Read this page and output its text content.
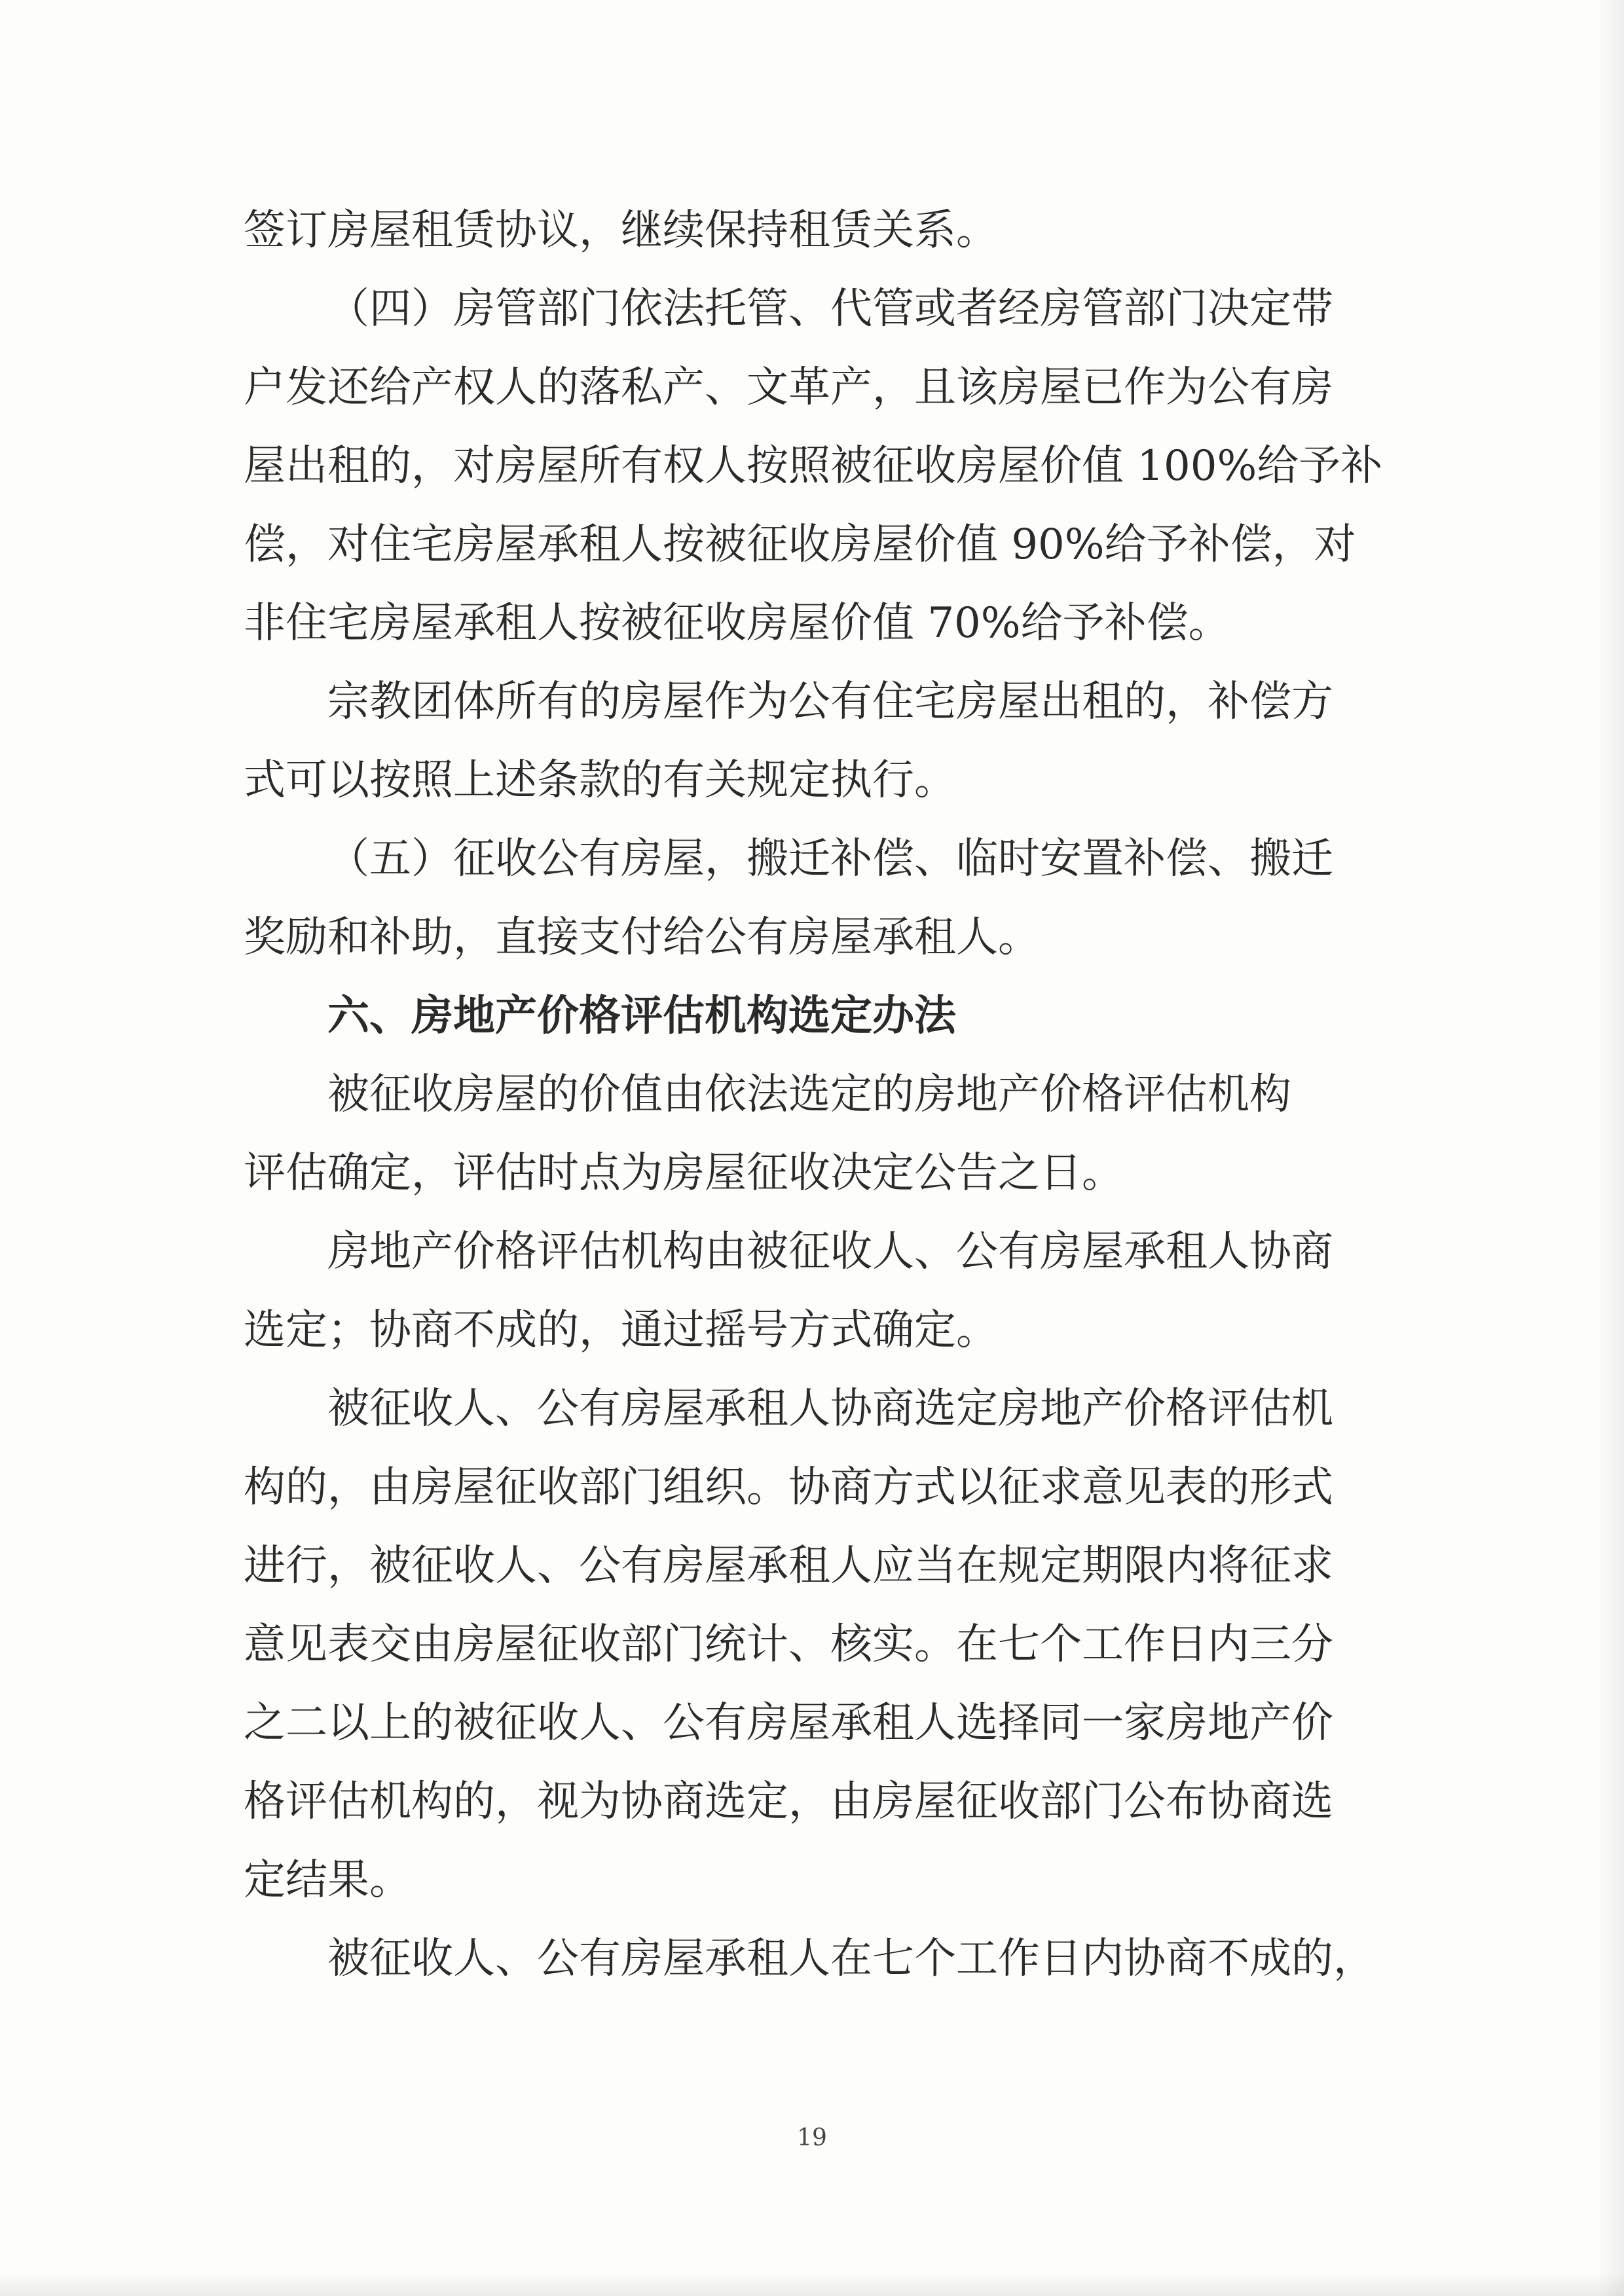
签订房屋租赁协议，继续保持租赁关系。
（四）房管部门依法托管、代管或者经房管部门决定带
户发还给产权人的落私产、文革产，且该房屋已作为公有房
屋出租的，对房屋所有权人按照被征收房屋价值 100%给予补
偿，对住宅房屋承租人按被征收房屋价值 90%给予补偿，对
非住宅房屋承租人按被征收房屋价值 70%给予补偿。
宗教团体所有的房屋作为公有住宅房屋出租的，补偿方
式可以按照上述条款的有关规定执行。
（五）征收公有房屋，搬迁补偿、临时安置补偿、搬迁
奖励和补助，直接支付给公有房屋承租人。
六、房地产价格评估机构选定办法
被征收房屋的价值由依法选定的房地产价格评估机构
评估确定，评估时点为房屋征收决定公告之日。
房地产价格评估机构由被征收人、公有房屋承租人协商
选定；协商不成的，通过摇号方式确定。
被征收人、公有房屋承租人协商选定房地产价格评估机
构的，由房屋征收部门组织。协商方式以征求意见表的形式
进行，被征收人、公有房屋承租人应当在规定期限内将征求
意见表交由房屋征收部门统计、核实。在七个工作日内三分
之二以上的被征收人、公有房屋承租人选择同一家房地产价
格评估机构的，视为协商选定，由房屋征收部门公布协商选
定结果。
被征收人、公有房屋承租人在七个工作日内协商不成的，
19
